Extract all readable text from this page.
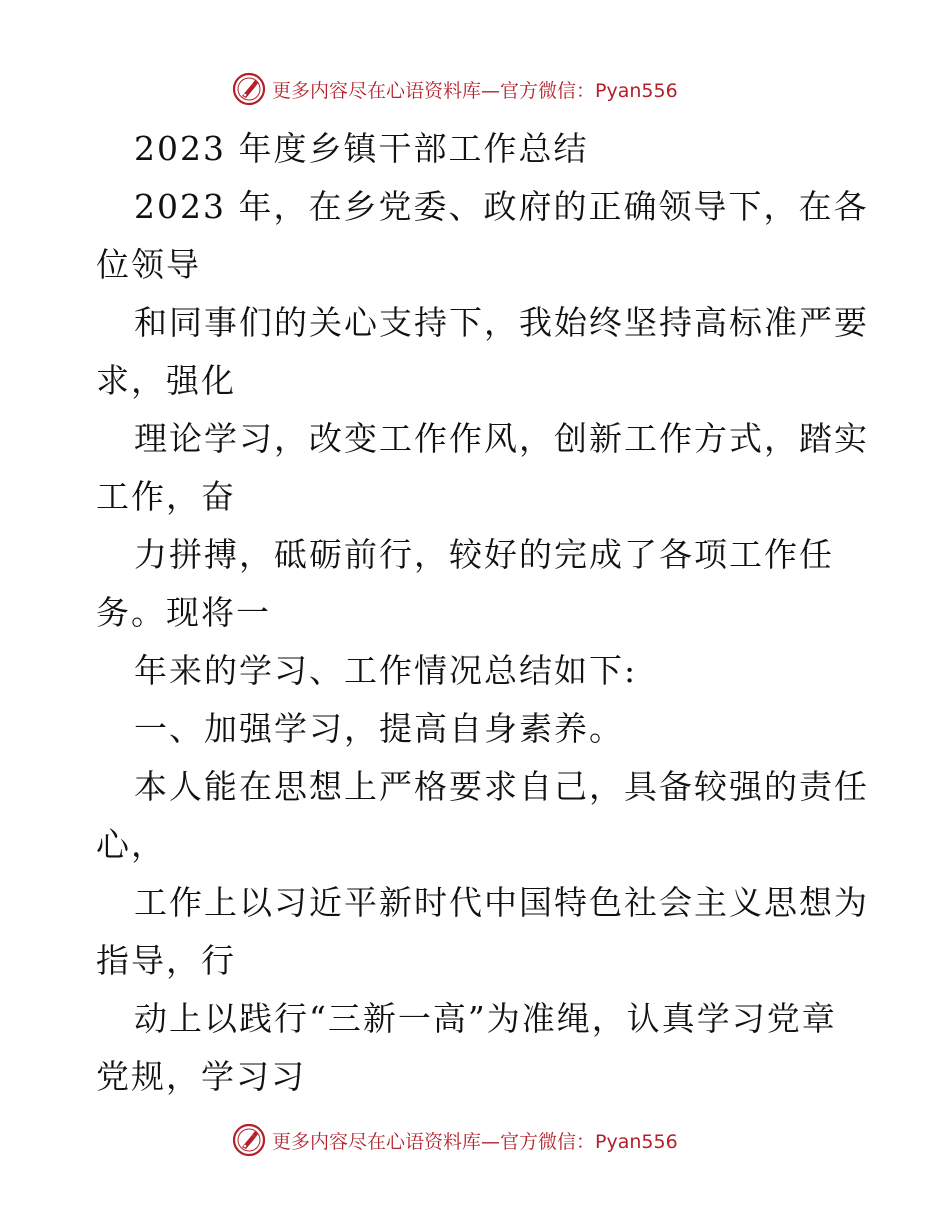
更多内容尽在心语资料库—官方微信：Pyan556
2023 年度乡镇干部工作总结
2023 年，在乡党委、政府的正确领导下，在各
位领导
和同事们的关心支持下，我始终坚持高标准严要
求，强化
理论学习，改变工作作风，创新工作方式，踏实
工作，奋
力拼搏，砥砺前行，较好的完成了各项工作任
务。现将一
年来的学习、工作情况总结如下:
一、加强学习，提高自身素养。
本人能在思想上严格要求自己，具备较强的责任
心，
工作上以习近平新时代中国特色社会主义思想为
指导，行
动上以践行“三新一高”为准绳，认真学习党章
党规，学习习
更多内容尽在心语资料库—官方微信：Pyan556
